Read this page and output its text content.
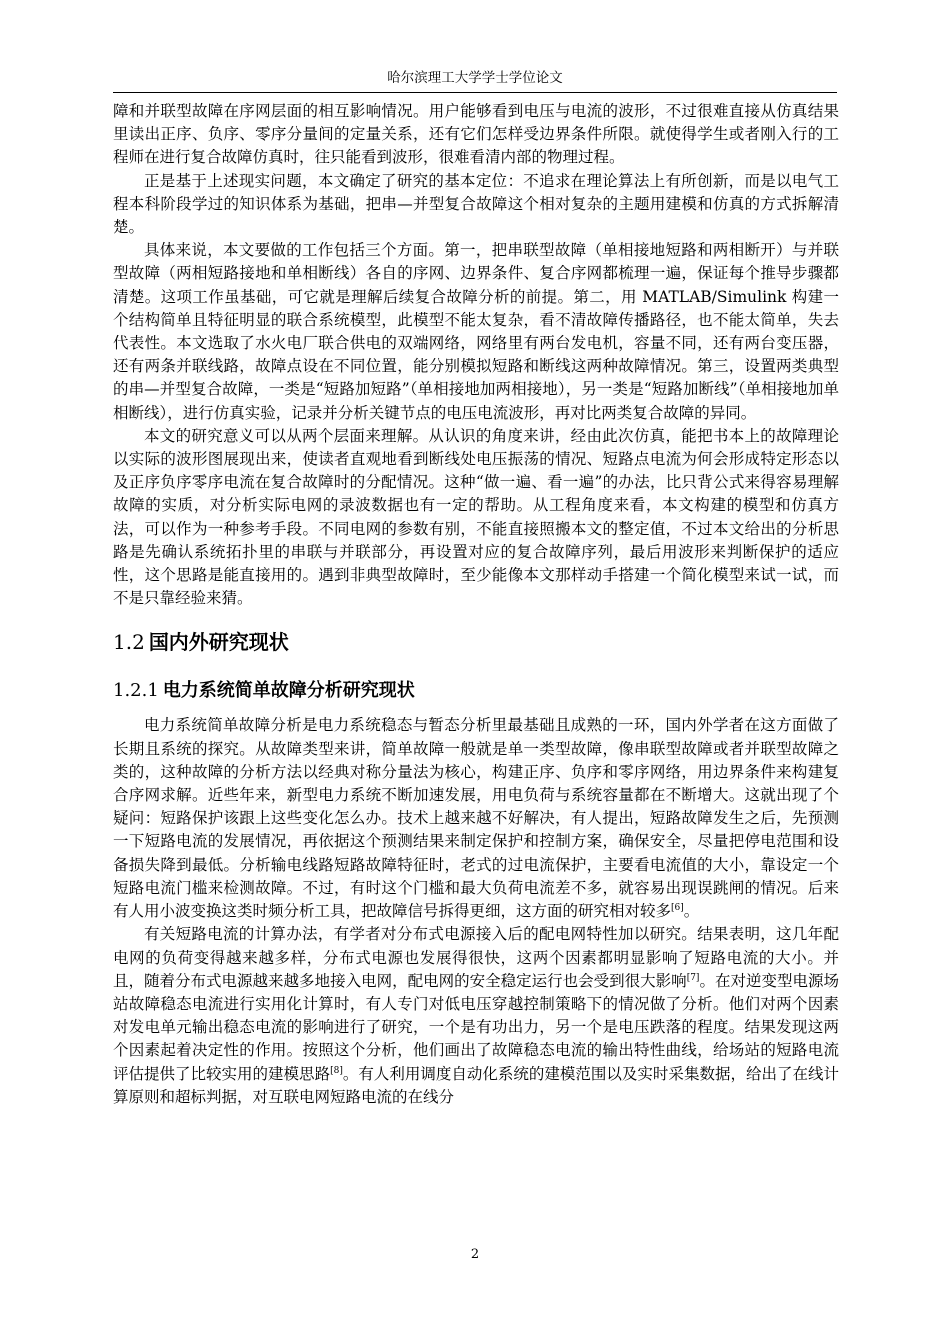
哈尔滨理工大学学士学位论文

障和并联型故障在序网层面的相互影响情况。用户能够看到电压与电流的波形，不过很难直接从仿真结果里读出正序、负序、零序分量间的定量关系，还有它们怎样受边界条件所限。就使得学生或者刚入行的工程师在进行复合故障仿真时，往只能看到波形，很难看清内部的物理过程。

正是基于上述现实问题，本文确定了研究的基本定位：不追求在理论算法上有所创新，而是以电气工程本科阶段学过的知识体系为基础，把串—并型复合故障这个相对复杂的主题用建模和仿真的方式拆解清楚。

具体来说，本文要做的工作包括三个方面。第一，把串联型故障（单相接地短路和两相断开）与并联型故障（两相短路接地和单相断线）各自的序网、边界条件、复合序网都梳理一遍，保证每个推导步骤都清楚。这项工作虽基础，可它就是理解后续复合故障分析的前提。第二，用 MATLAB/Simulink 构建一个结构简单且特征明显的联合系统模型，此模型不能太复杂，看不清故障传播路径，也不能太简单，失去代表性。本文选取了水火电厂联合供电的双端网络，网络里有两台发电机，容量不同，还有两台变压器，还有两条并联线路，故障点设在不同位置，能分别模拟短路和断线这两种故障情况。第三，设置两类典型的串—并型复合故障，一类是“短路加短路”（单相接地加两相接地），另一类是“短路加断线”（单相接地加单相断线），进行仿真实验，记录并分析关键节点的电压电流波形，再对比两类复合故障的异同。

本文的研究意义可以从两个层面来理解。从认识的角度来讲，经由此次仿真，能把书本上的故障理论以实际的波形图展现出来，使读者直观地看到断线处电压振荡的情况、短路点电流为何会形成特定形态以及正序负序零序电流在复合故障时的分配情况。这种“做一遍、看一遍”的办法，比只背公式来得容易理解故障的实质，对分析实际电网的录波数据也有一定的帮助。从工程角度来看，本文构建的模型和仿真方法，可以作为一种参考手段。不同电网的参数有别，不能直接照搬本文的整定值，不过本文给出的分析思路是先确认系统拓扑里的串联与并联部分，再设置对应的复合故障序列，最后用波形来判断保护的适应性，这个思路是能直接用的。遇到非典型故障时，至少能像本文那样动手搭建一个简化模型来试一试，而不是只靠经验来猜。

1.2 国内外研究现状
1.2.1 电力系统简单故障分析研究现状

电力系统简单故障分析是电力系统稳态与暂态分析里最基础且成熟的一环，国内外学者在这方面做了长期且系统的探究。从故障类型来讲，简单故障一般就是单一类型故障，像串联型故障或者并联型故障之类的，这种故障的分析方法以经典对称分量法为核心，构建正序、负序和零序网络，用边界条件来构建复合序网求解。近些年来，新型电力系统不断加速发展，用电负荷与系统容量都在不断增大。这就出现了个疑问：短路保护该跟上这些变化怎么办。技术上越来越不好解决，有人提出，短路故障发生之后，先预测一下短路电流的发展情况，再依据这个预测结果来制定保护和控制方案，确保安全，尽量把停电范围和设备损失降到最低。分析输电线路短路故障特征时，老式的过电流保护，主要看电流值的大小，靠设定一个短路电流门槛来检测故障。不过，有时这个门槛和最大负荷电流差不多，就容易出现误跳闸的情况。后来有人用小波变换这类时频分析工具，把故障信号拆得更细，这方面的研究相对较多[6]。

有关短路电流的计算办法，有学者对分布式电源接入后的配电网特性加以研究。结果表明，这几年配电网的负荷变得越来越多样，分布式电源也发展得很快，这两个因素都明显影响了短路电流的大小。并且，随着分布式电源越来越多地接入电网，配电网的安全稳定运行也会受到很大影响[7]。在对逆变型电源场站故障稳态电流进行实用化计算时，有人专门对低电压穿越控制策略下的情况做了分析。他们对两个因素对发电单元输出稳态电流的影响进行了研究，一个是有功出力，另一个是电压跌落的程度。结果发现这两个因素起着决定性的作用。按照这个分析，他们画出了故障稳态电流的输出特性曲线，给场站的短路电流评估提供了比较实用的建模思路[8]。有人利用调度自动化系统的建模范围以及实时采集数据，给出了在线计算原则和超标判据，对互联电网短路电流的在线分

2
